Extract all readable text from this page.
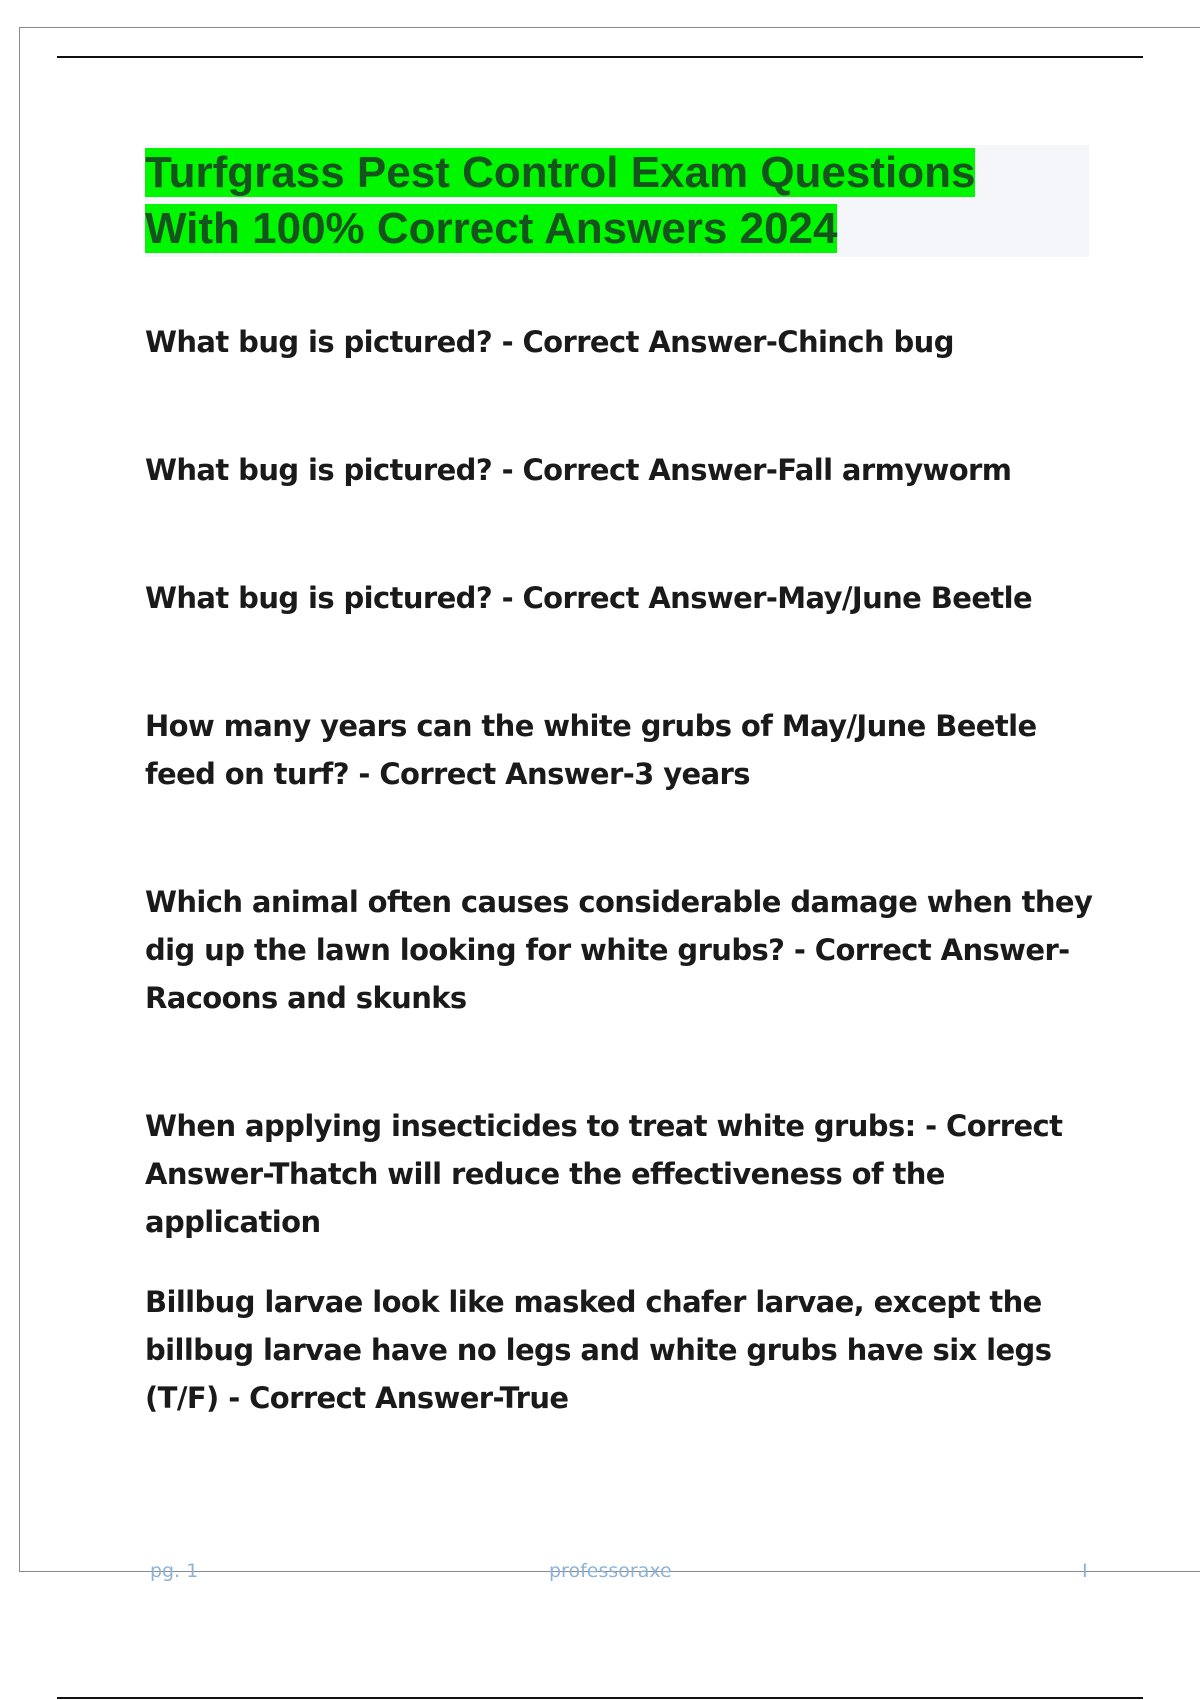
Turfgrass Pest Control Exam Questions
With 100% Correct Answers 2024

What bug is pictured? - Correct Answer-Chinch bug

What bug is pictured? - Correct Answer-Fall armyworm

What bug is pictured? - Correct Answer-May/June Beetle

How many years can the white grubs of May/June Beetle feed on turf? - Correct Answer-3 years

Which animal often causes considerable damage when they dig up the lawn looking for white grubs? - Correct Answer-Racoons and skunks

When applying insecticides to treat white grubs: - Correct Answer-Thatch will reduce the effectiveness of the application

Billbug larvae look like masked chafer larvae, except the billbug larvae have no legs and white grubs have six legs (T/F) - Correct Answer-True

pg. 1	professoraxe	I
